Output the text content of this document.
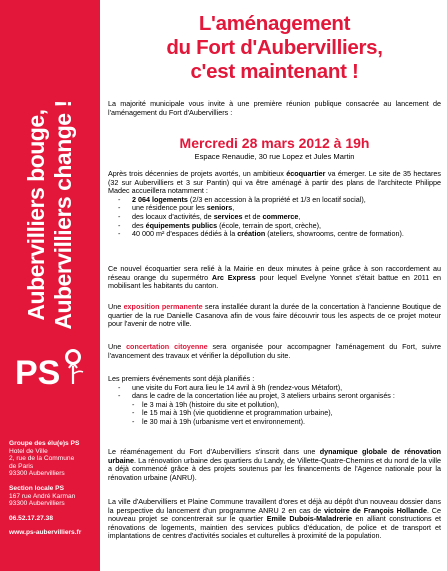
Aubervilliers bouge, Aubervilliers change !
PS
Groupe des élu(e)s PS
Hotel de Ville
2, rue de la Commune
de Paris
93300 Aubervilliers
Section locale PS
167 rue André Karman
93300 Aubervilliers
06.52.17.27.38
www.ps-aubervilliers.fr
L'aménagement
du Fort d'Aubervilliers,
c'est maintenant !
La majorité municipale vous invite à une première réunion publique consacrée au lancement de l'aménagement du Fort d'Aubervilliers :
Mercredi 28 mars 2012 à 19h
Espace Renaudie, 30 rue Lopez et Jules Martin
Après trois décennies de projets avortés, un ambitieux écoquartier va émerger. Le site de 35 hectares (32 sur Aubervilliers et 3 sur Pantin) qui va être aménagé à partir des plans de l'architecte Philippe Madec accueillera notamment :
- 2 064 logements (2/3 en accession à la propriété et 1/3 en locatif social),
- une résidence pour les seniors,
- des locaux d'activités, de services et de commerce,
- des équipements publics (école, terrain de sport, crèche),
- 40 000 m² d'espaces dédiés à la création (ateliers, showrooms, centre de formation).
Ce nouvel écoquartier sera relié à la Mairie en deux minutes à peine grâce à son raccordement au réseau orange du supermétro Arc Express pour lequel Evelyne Yonnet s'était battue en 2011 en mobilisant les habitants du canton.
Une exposition permanente sera installée durant la durée de la concertation à l'ancienne Boutique de quartier de la rue Danielle Casanova afin de vous faire découvrir tous les aspects de ce projet moteur pour l'avenir de notre ville.
Une concertation citoyenne sera organisée pour accompagner l'aménagement du Fort, suivre l'avancement des travaux et vérifier la dépollution du site.
Les premiers événements sont déjà planifiés :
- une visite du Fort aura lieu le 14 avril à 9h (rendez-vous Métafort),
- dans le cadre de la concertation liée au projet, 3 ateliers urbains seront organisés :
- le 3 mai à 19h (histoire du site et pollution),
- le 15 mai à 19h (vie quotidienne et programmation urbaine),
- le 30 mai à 19h (urbanisme vert et environnement).
Le réaménagement du Fort d'Aubervilliers s'inscrit dans une dynamique globale de rénovation urbaine. La rénovation urbaine des quartiers du Landy, de Villette-Quatre-Chemins et du nord de la ville a déjà commencé grâce à des projets soutenus par les financements de l'Agence nationale pour la rénovation urbaine (ANRU).
La ville d'Aubervilliers et Plaine Commune travaillent d'ores et déjà au dépôt d'un nouveau dossier dans la perspective du lancement d'un programme ANRU 2 en cas de victoire de François Hollande. Ce nouveau projet se concentrerait sur le quartier Emile Dubois-Maladrerie en alliant constructions et rénovations de logements, maintien des services publics d'éducation, de police et de transport et implantations de centres d'activités sociales et culturelles à proximité de la population.
